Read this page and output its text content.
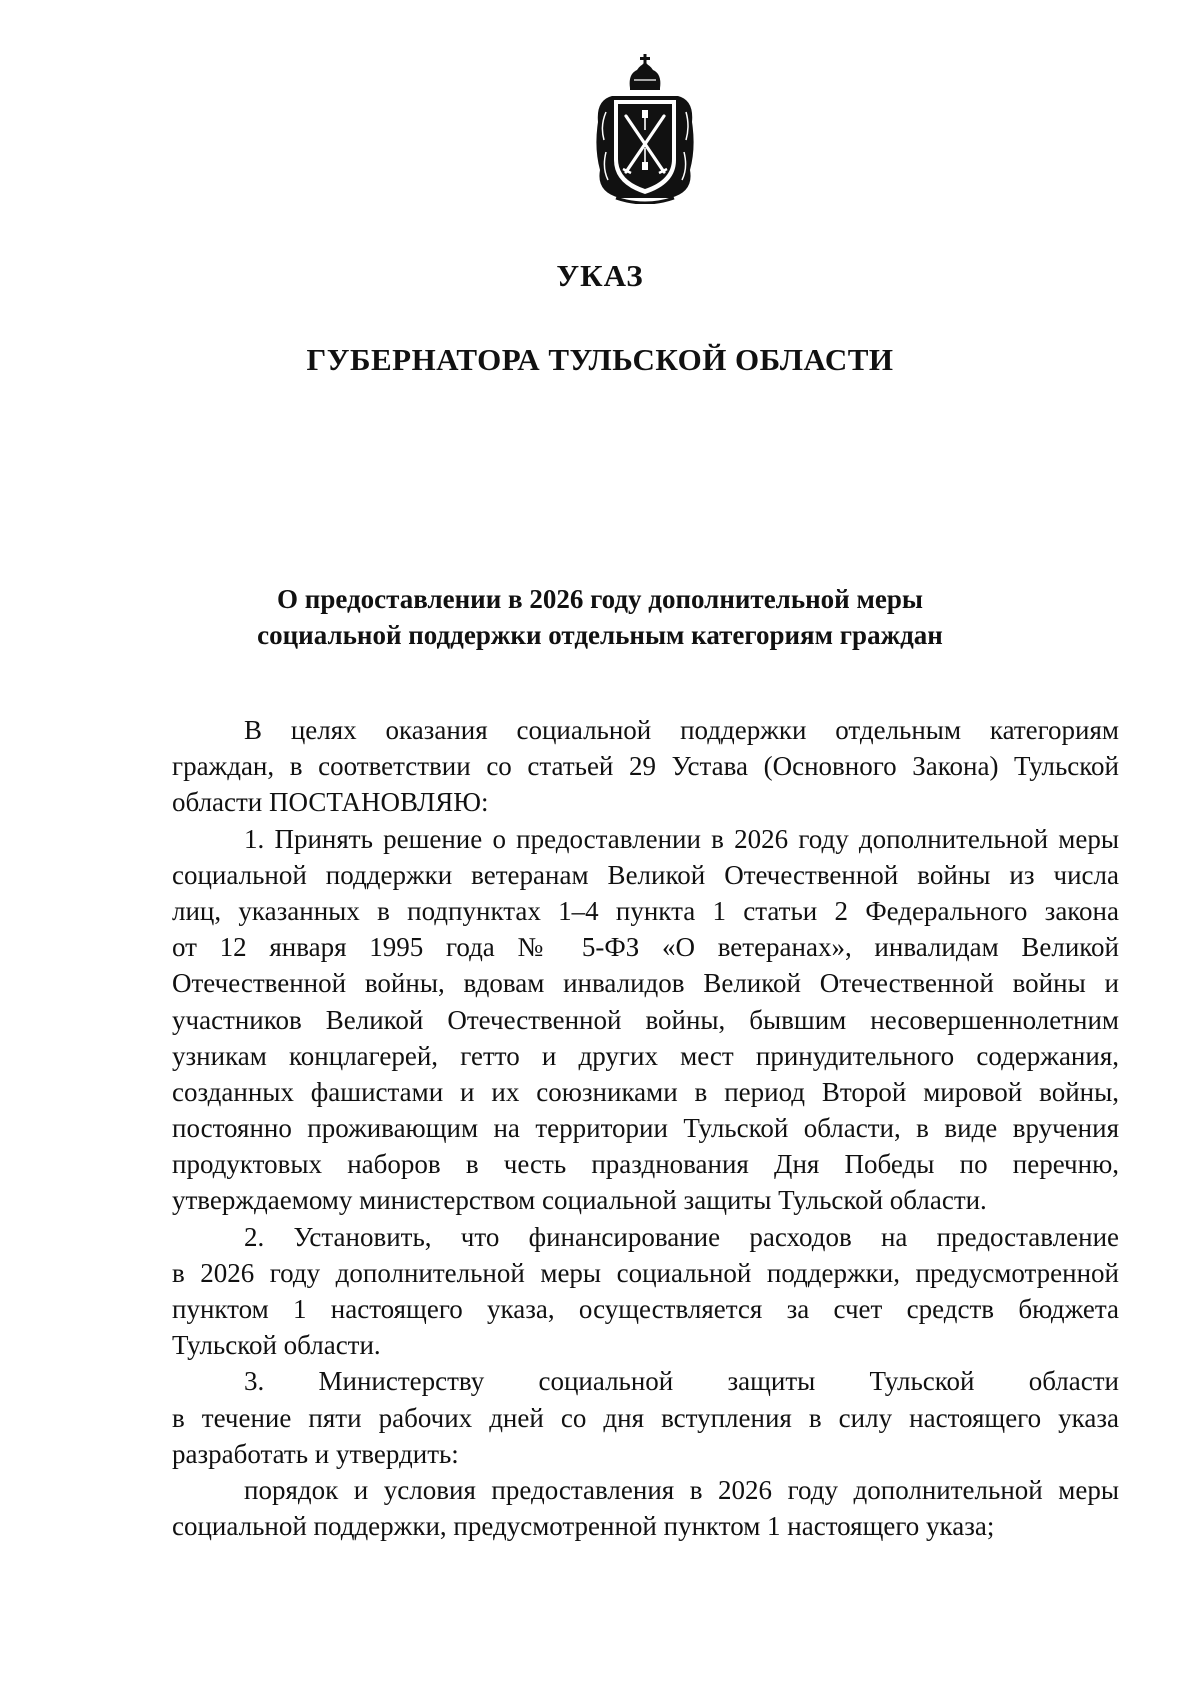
УКАЗ
ГУБЕРНАТОРА ТУЛЬСКОЙ ОБЛАСТИ
О предоставлении в 2026 году дополнительной меры
социальной поддержки отдельным категориям граждан
В целях оказания социальной поддержки отдельным категориям
граждан, в соответствии со статьей 29 Устава (Основного Закона) Тульской
области ПОСТАНОВЛЯЮ:
1. Принять решение о предоставлении в 2026 году дополнительной меры
социальной поддержки ветеранам Великой Отечественной войны из числа
лиц, указанных в подпунктах 1–4 пункта 1 статьи 2 Федерального закона
от 12 января 1995 года № 5-ФЗ «О ветеранах», инвалидам Великой
Отечественной войны, вдовам инвалидов Великой Отечественной войны и
участников Великой Отечественной войны, бывшим несовершеннолетним
узникам концлагерей, гетто и других мест принудительного содержания,
созданных фашистами и их союзниками в период Второй мировой войны,
постоянно проживающим на территории Тульской области, в виде вручения
продуктовых наборов в честь празднования Дня Победы по перечню,
утверждаемому министерством социальной защиты Тульской области.
2. Установить, что финансирование расходов на предоставление
в 2026 году дополнительной меры социальной поддержки, предусмотренной
пунктом 1 настоящего указа, осуществляется за счет средств бюджета
Тульской области.
3. Министерству социальной защиты Тульской области
в течение пяти рабочих дней со дня вступления в силу настоящего указа
разработать и утвердить:
порядок и условия предоставления в 2026 году дополнительной меры
социальной поддержки, предусмотренной пунктом 1 настоящего указа;
